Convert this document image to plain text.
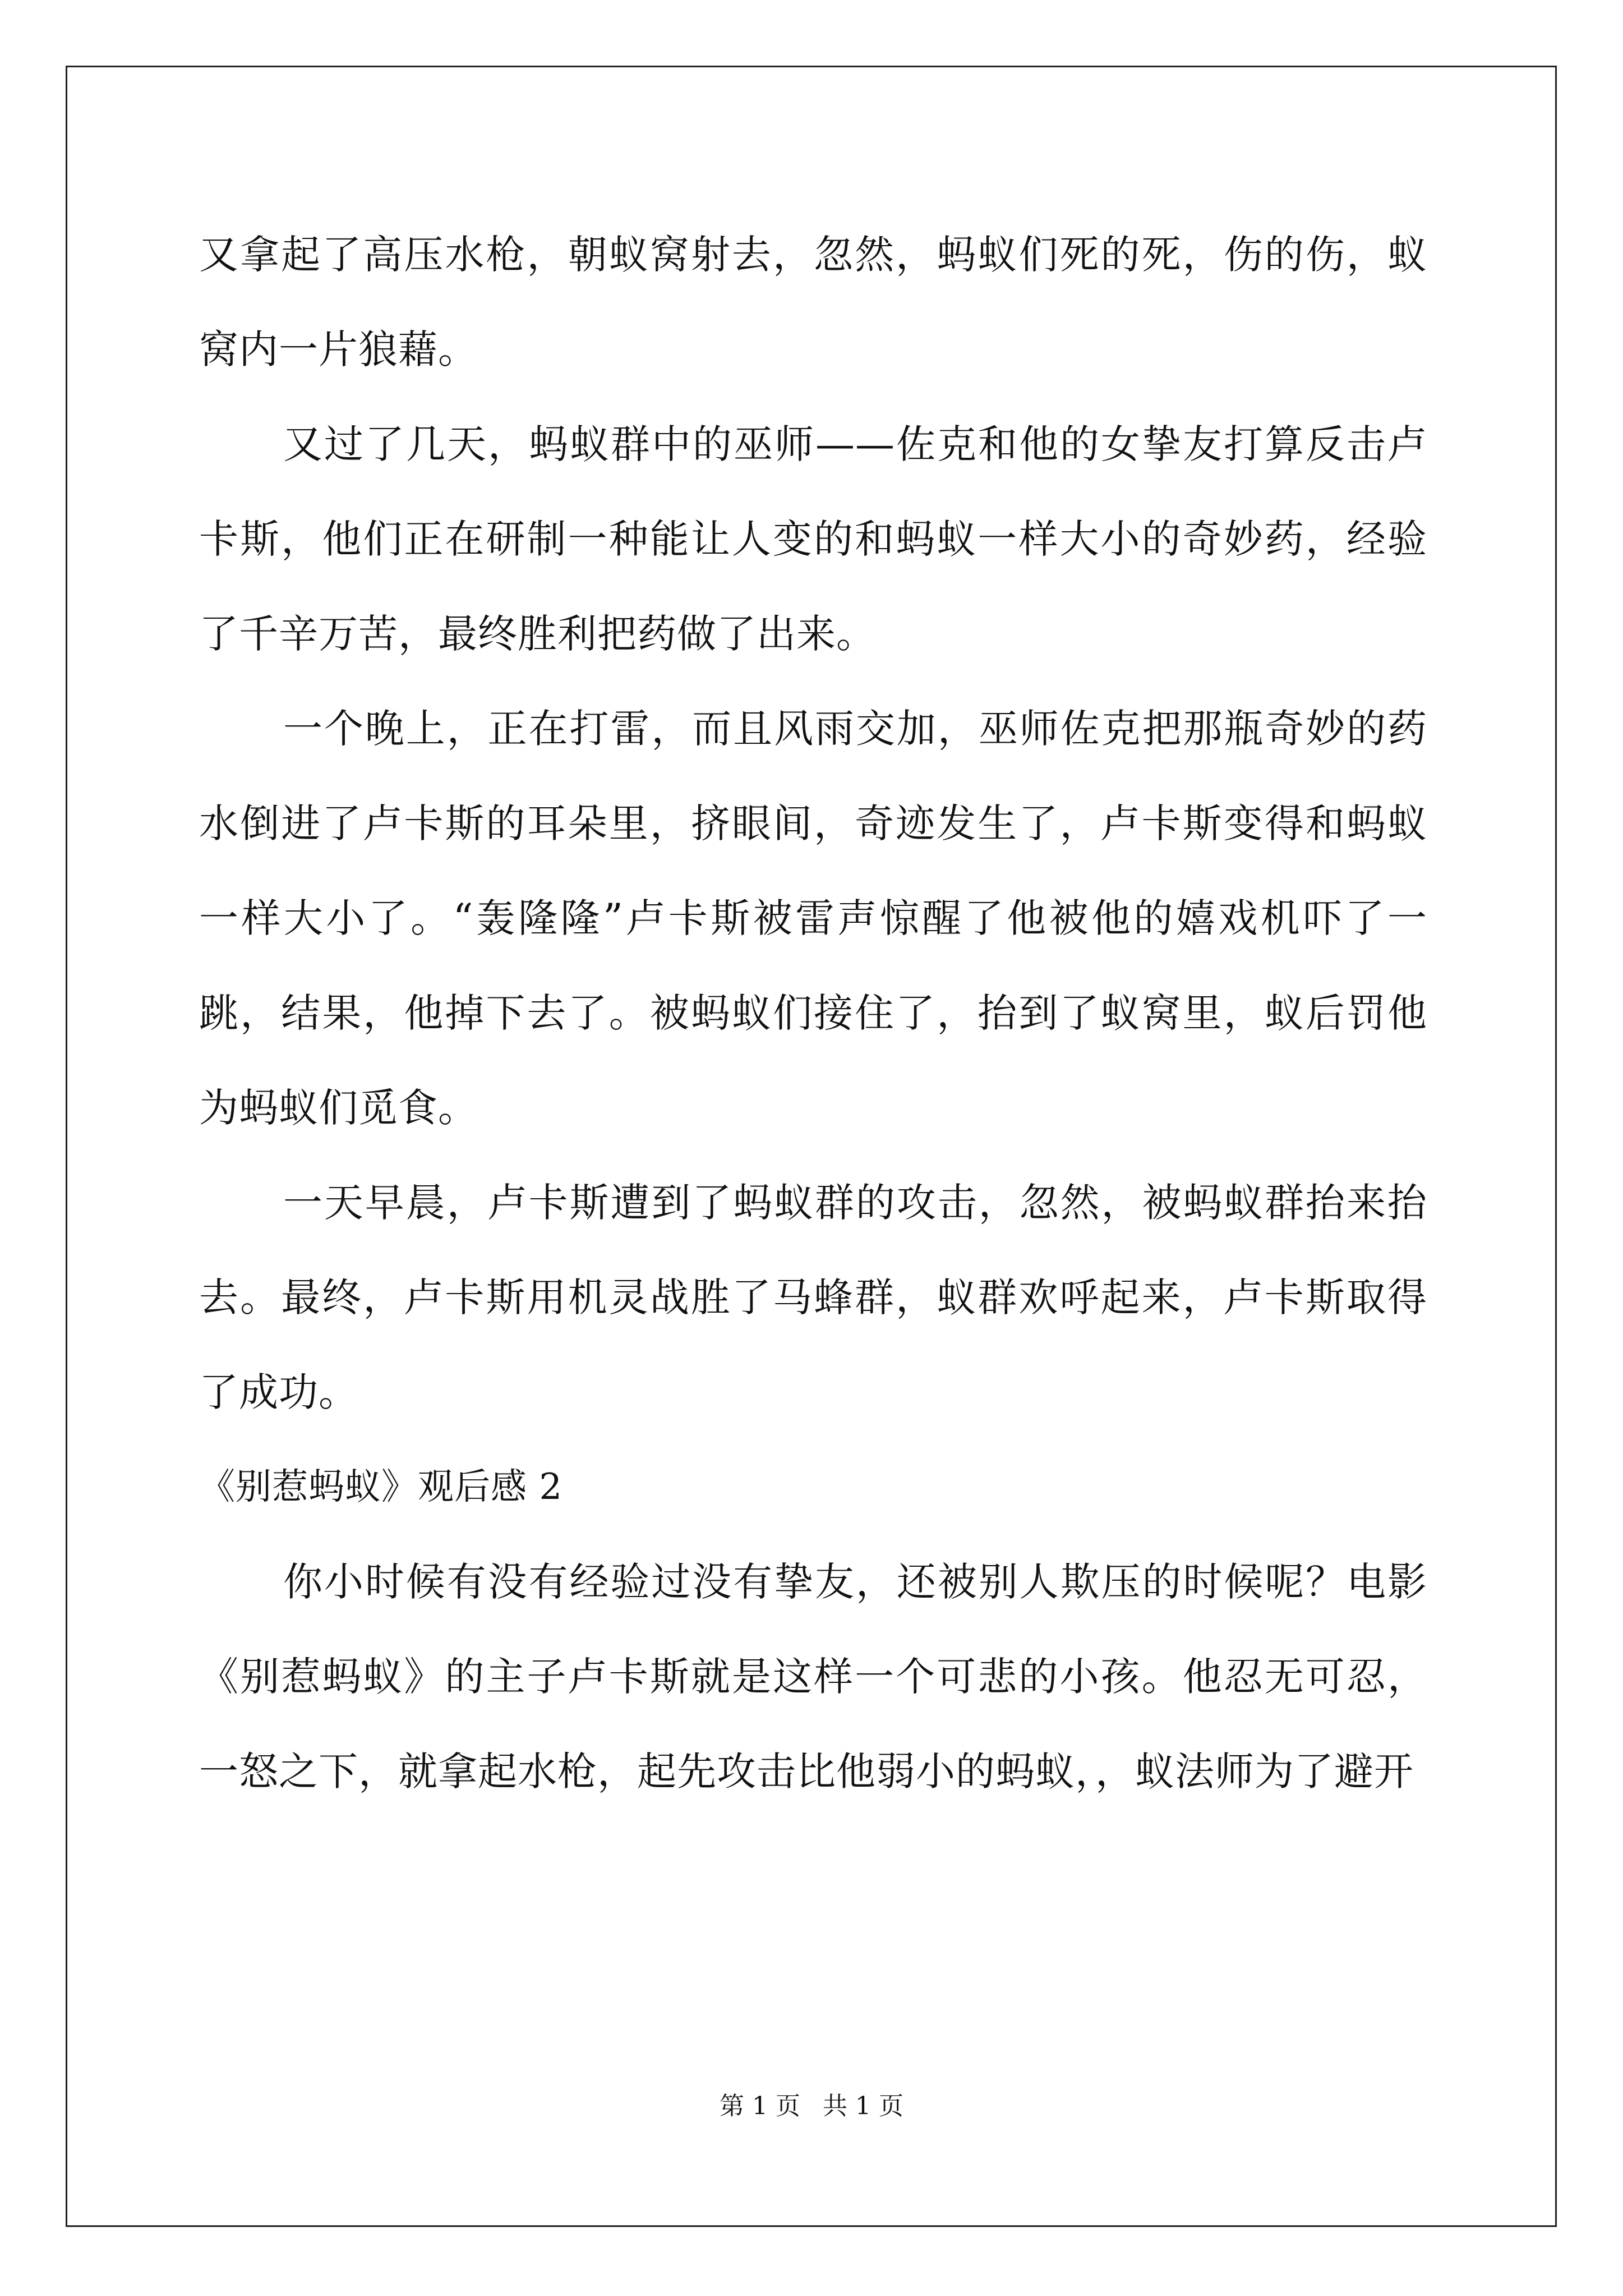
又拿起了高压水枪，朝蚁窝射去，忽然，蚂蚁们死的死，伤的伤，蚁窝内一片狼藉。

又过了几天，蚂蚁群中的巫师——佐克和他的女挚友打算反击卢卡斯，他们正在研制一种能让人变的和蚂蚁一样大小的奇妙药，经验了千辛万苦，最终胜利把药做了出来。

一个晚上，正在打雷，而且风雨交加，巫师佐克把那瓶奇妙的药水倒进了卢卡斯的耳朵里，挤眼间，奇迹发生了，卢卡斯变得和蚂蚁一样大小了。“轰隆隆”卢卡斯被雷声惊醒了他被他的嬉戏机吓了一跳，结果，他掉下去了。被蚂蚁们接住了，抬到了蚁窝里，蚁后罚他为蚂蚁们觅食。

一天早晨，卢卡斯遭到了蚂蚁群的攻击，忽然，被蚂蚁群抬来抬去。最终，卢卡斯用机灵战胜了马蜂群，蚁群欢呼起来，卢卡斯取得了成功。

《别惹蚂蚁》观后感 2

你小时候有没有经验过没有挚友，还被别人欺压的时候呢？电影《别惹蚂蚁》的主子卢卡斯就是这样一个可悲的小孩。他忍无可忍，一怒之下，就拿起水枪，起先攻击比他弱小的蚂蚁，，蚁法师为了避开

第 1 页 共 1 页
